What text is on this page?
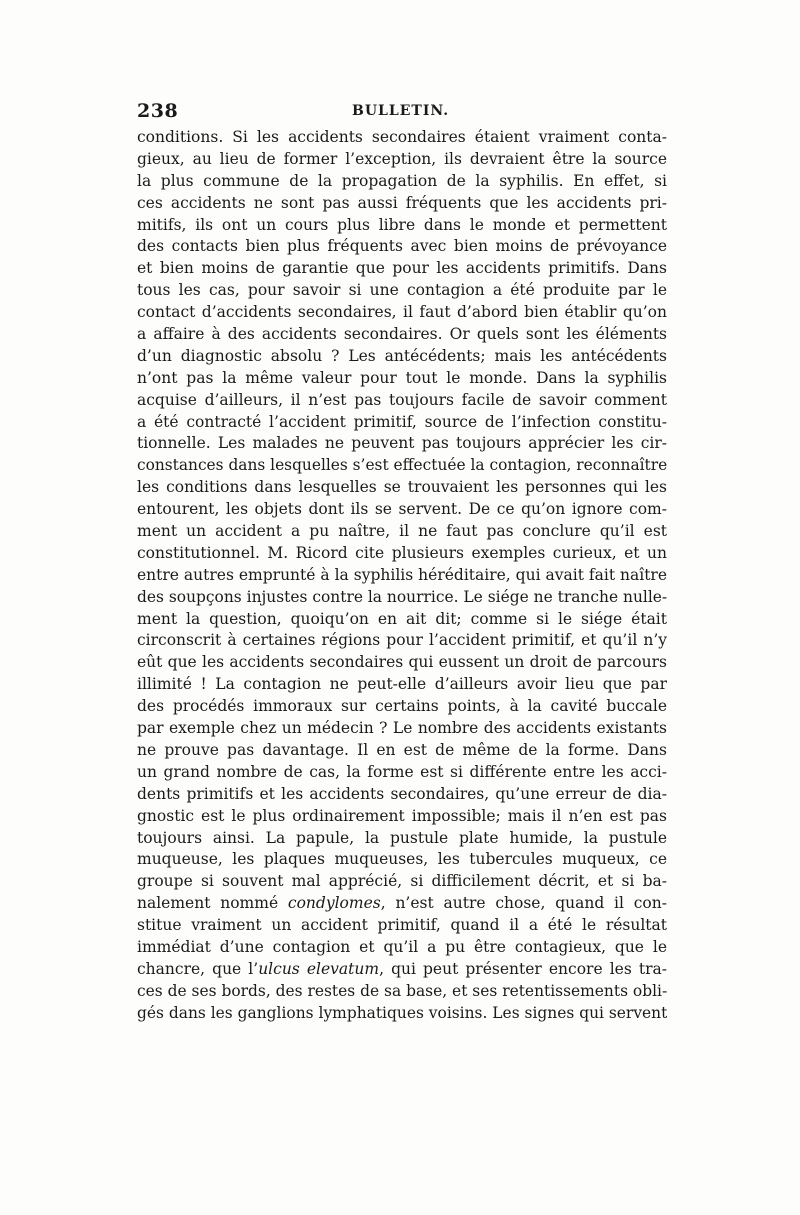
238	BULLETIN.
conditions. Si les accidents secondaires étaient vraiment conta-
gieux, au lieu de former l’exception, ils devraient être la source
la plus commune de la propagation de la syphilis. En effet, si
ces accidents ne sont pas aussi fréquents que les accidents pri-
mitifs, ils ont un cours plus libre dans le monde et permettent
des contacts bien plus fréquents avec bien moins de prévoyance
et bien moins de garantie que pour les accidents primitifs. Dans
tous les cas, pour savoir si une contagion a été produite par le
contact d’accidents secondaires, il faut d’abord bien établir qu’on
a affaire à des accidents secondaires. Or quels sont les éléments
d’un diagnostic absolu ? Les antécédents; mais les antécédents
n’ont pas la même valeur pour tout le monde. Dans la syphilis
acquise d’ailleurs, il n’est pas toujours facile de savoir comment
a été contracté l’accident primitif, source de l’infection constitu-
tionnelle. Les malades ne peuvent pas toujours apprécier les cir-
constances dans lesquelles s’est effectuée la contagion, reconnaître
les conditions dans lesquelles se trouvaient les personnes qui les
entourent, les objets dont ils se servent. De ce qu’on ignore com-
ment un accident a pu naître, il ne faut pas conclure qu’il est
constitutionnel. M. Ricord cite plusieurs exemples curieux, et un
entre autres emprunté à la syphilis héréditaire, qui avait fait naître
des soupçons injustes contre la nourrice. Le siége ne tranche nulle-
ment la question, quoiqu’on en ait dit; comme si le siége était
circonscrit à certaines régions pour l’accident primitif, et qu’il n’y
eût que les accidents secondaires qui eussent un droit de parcours
illimité ! La contagion ne peut-elle d’ailleurs avoir lieu que par
des procédés immoraux sur certains points, à la cavité buccale
par exemple chez un médecin ? Le nombre des accidents existants
ne prouve pas davantage. Il en est de même de la forme. Dans
un grand nombre de cas, la forme est si différente entre les acci-
dents primitifs et les accidents secondaires, qu’une erreur de dia-
gnostic est le plus ordinairement impossible; mais il n’en est pas
toujours ainsi. La papule, la pustule plate humide, la pustule
muqueuse, les plaques muqueuses, les tubercules muqueux, ce
groupe si souvent mal apprécié, si difficilement décrit, et si ba-
nalement nommé condylomes, n’est autre chose, quand il con-
stitue vraiment un accident primitif, quand il a été le résultat
immédiat d’une contagion et qu’il a pu être contagieux, que le
chancre, que l’ulcus elevatum, qui peut présenter encore les tra-
ces de ses bords, des restes de sa base, et ses retentissements obli-
gés dans les ganglions lymphatiques voisins. Les signes qui servent
